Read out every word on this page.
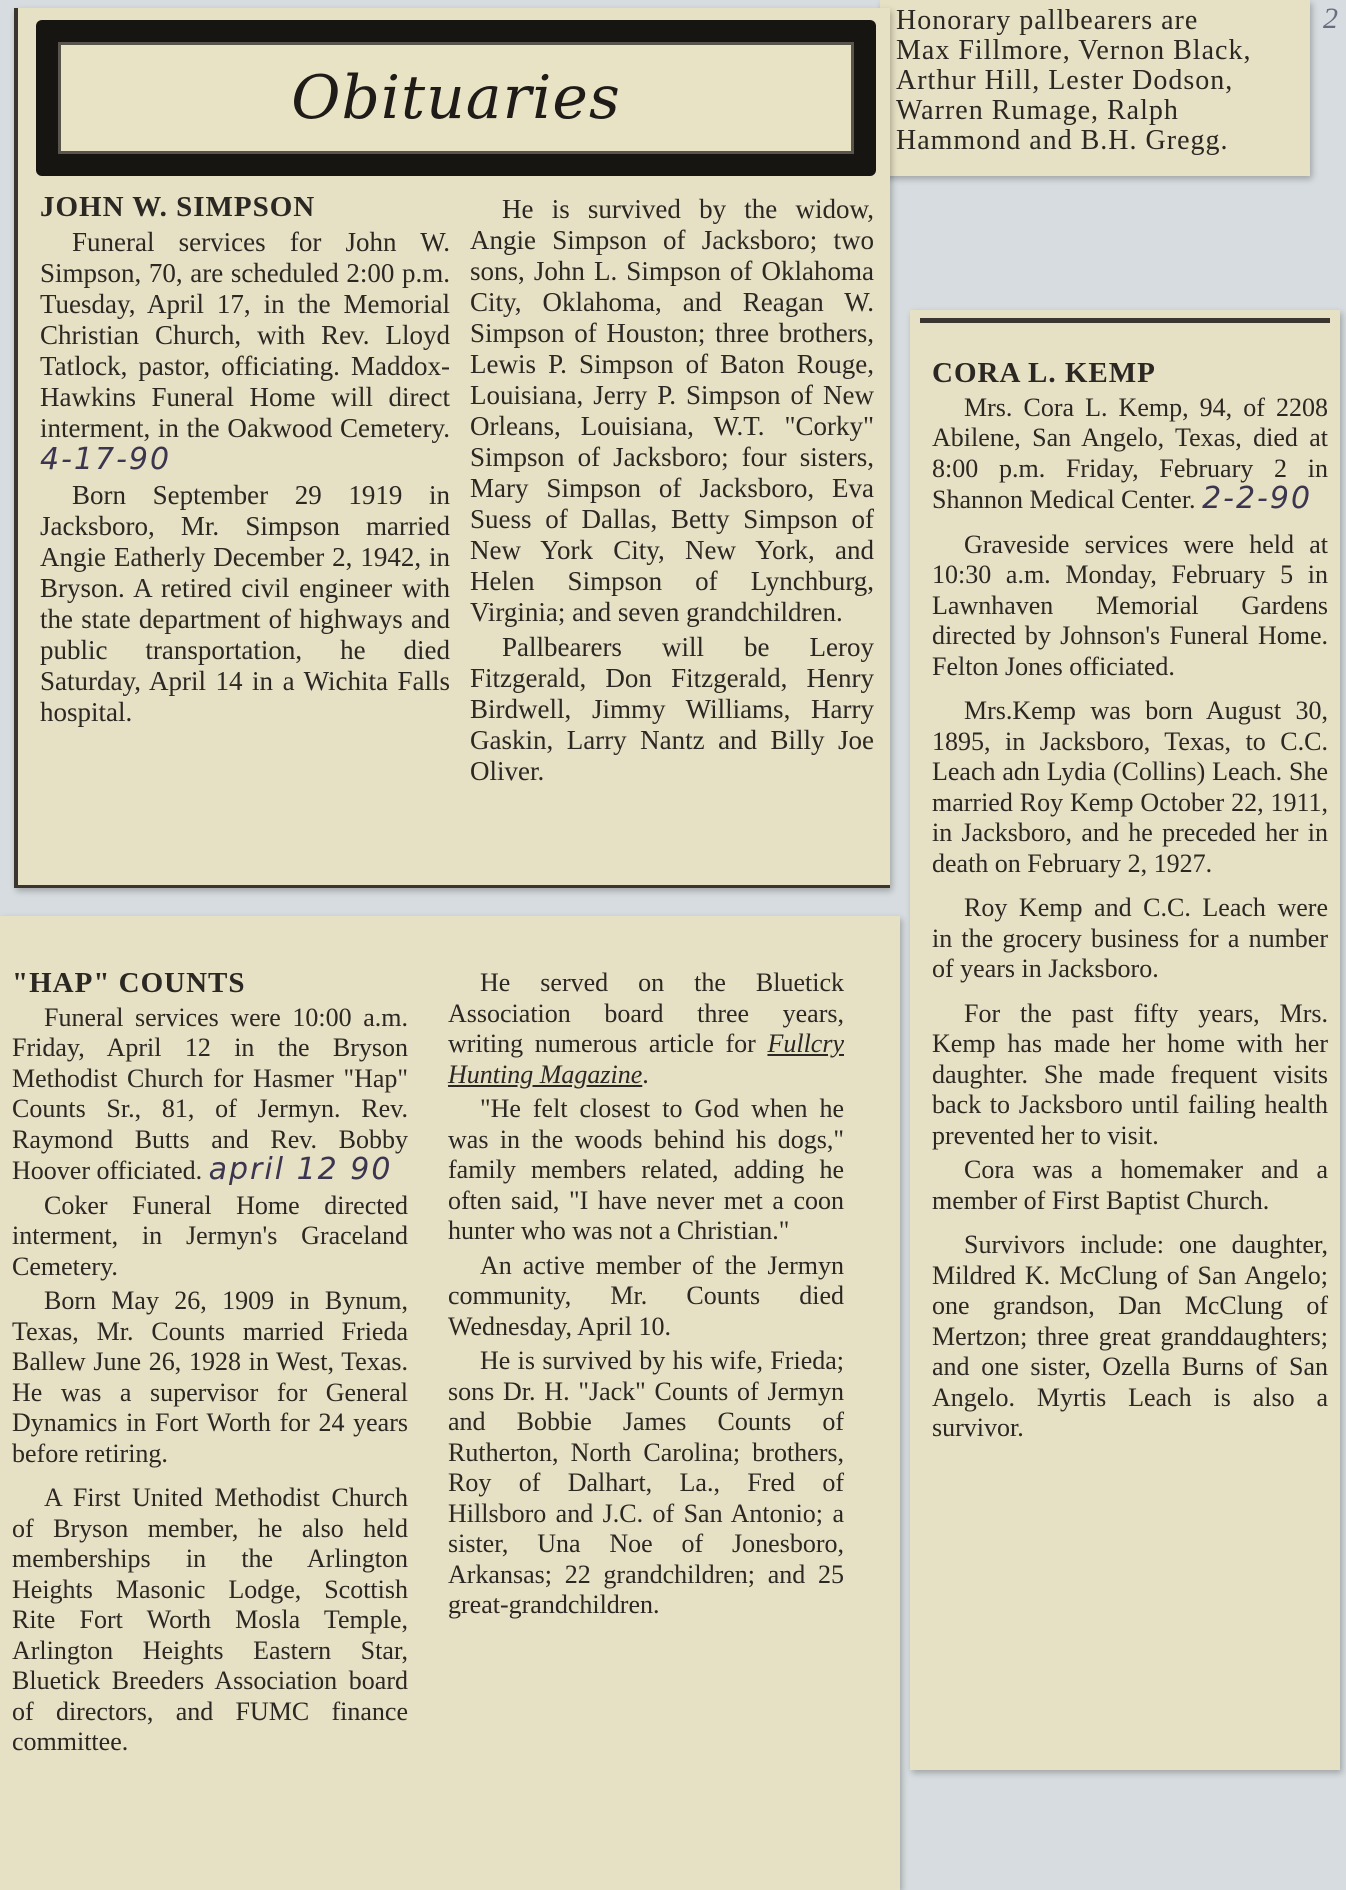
Honorary pallbearers are
Max Fillmore, Vernon Black,
Arthur Hill, Lester Dodson,
Warren Rumage, Ralph
Hammond and B.H. Gregg.
2

JOHN W. SIMPSON

Funeral services for John W. Simpson, 70, are scheduled 2:00 p.m. Tuesday, April 17, in the Memorial Christian Church, with Rev. Lloyd Tatlock, pastor, officiating. Maddox-Hawkins Funeral Home will direct interment, in the Oakwood Cemetery. 4-17-90

Born September 29 1919 in Jacksboro, Mr. Simpson married Angie Eatherly December 2, 1942, in Bryson. A retired civil engineer with the state department of highways and public transportation, he died Saturday, April 14 in a Wichita Falls hospital.

He is survived by the widow, Angie Simpson of Jacksboro; two sons, John L. Simpson of Oklahoma City, Oklahoma, and Reagan W. Simpson of Houston; three brothers, Lewis P. Simpson of Baton Rouge, Louisiana, Jerry P. Simpson of New Orleans, Louisiana, W.T. "Corky" Simpson of Jacksboro; four sisters, Mary Simpson of Jacksboro, Eva Suess of Dallas, Betty Simpson of New York City, New York, and Helen Simpson of Lynchburg, Virginia; and seven grandchildren.

Pallbearers will be Leroy Fitzgerald, Don Fitzgerald, Henry Birdwell, Jimmy Williams, Harry Gaskin, Larry Nantz and Billy Joe Oliver.

Obituaries

CORA L. KEMP

Mrs. Cora L. Kemp, 94, of 2208 Abilene, San Angelo, Texas, died at 8:00 p.m. Friday, February 2 in Shannon Medical Center. 2-2-90

Graveside services were held at 10:30 a.m. Monday, February 5 in Lawnhaven Memorial Gardens directed by Johnson's Funeral Home. Felton Jones officiated.

Mrs.Kemp was born August 30, 1895, in Jacksboro, Texas, to C.C. Leach adn Lydia (Collins) Leach. She married Roy Kemp October 22, 1911, in Jacksboro, and he preceded her in death on February 2, 1927.

Roy Kemp and C.C. Leach were in the grocery business for a number of years in Jacksboro.

For the past fifty years, Mrs. Kemp has made her home with her daughter. She made frequent visits back to Jacksboro until failing health prevented her to visit.

Cora was a homemaker and a member of First Baptist Church.

Survivors include: one daughter, Mildred K. McClung of San Angelo; one grandson, Dan McClung of Mertzon; three great granddaughters; and one sister, Ozella Burns of San Angelo. Myrtis Leach is also a survivor.

"HAP" COUNTS

Funeral services were 10:00 a.m. Friday, April 12 in the Bryson Methodist Church for Hasmer "Hap" Counts Sr., 81, of Jermyn. Rev. Raymond Butts and Rev. Bobby Hoover officiated. april 12 90

Coker Funeral Home directed interment, in Jermyn's Graceland Cemetery.

Born May 26, 1909 in Bynum, Texas, Mr. Counts married Frieda Ballew June 26, 1928 in West, Texas. He was a supervisor for General Dynamics in Fort Worth for 24 years before retiring.

A First United Methodist Church of Bryson member, he also held memberships in the Arlington Heights Masonic Lodge, Scottish Rite Fort Worth Mosla Temple, Arlington Heights Eastern Star, Bluetick Breeders Association board of directors, and FUMC finance committee.

He served on the Bluetick Association board three years, writing numerous article for Fullcry Hunting Magazine.

"He felt closest to God when he was in the woods behind his dogs," family members related, adding he often said, "I have never met a coon hunter who was not a Christian."

An active member of the Jermyn community, Mr. Counts died Wednesday, April 10.

He is survived by his wife, Frieda; sons Dr. H. "Jack" Counts of Jermyn and Bobbie James Counts of Rutherton, North Carolina; brothers, Roy of Dalhart, La., Fred of Hillsboro and J.C. of San Antonio; a sister, Una Noe of Jonesboro, Arkansas; 22 grandchildren; and 25 great-grandchildren.
